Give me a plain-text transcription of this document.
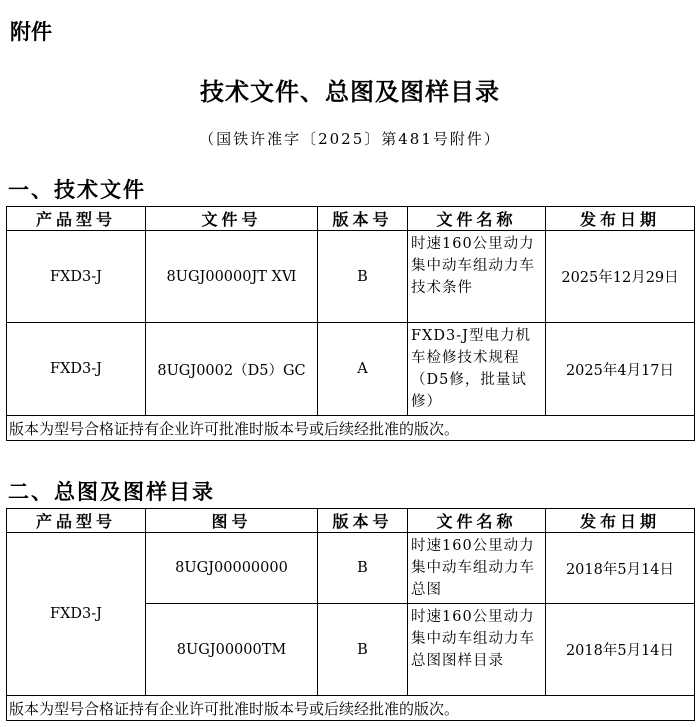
附件
技术文件、总图及图样目录
（国铁许准字〔2025〕第481号附件）
一、技术文件
产品型号	文件号	版本号	文件名称	发布日期
FXD3-J	8UGJ00000JT ⅩⅥ	B	时速160公里动力集中动车组动力车技术条件	2025年12月29日
FXD3-J	8UGJ0002（D5）GC	A	FXD3-J型电力机车检修技术规程（D5修，批量试修）	2025年4月17日
版本为型号合格证持有企业许可批准时版本号或后续经批准的版次。				
二、总图及图样目录
产品型号	图号	版本号	文件名称	发布日期
FXD3-J	8UGJ00000000	B	时速160公里动力集中动车组动力车总图	2018年5月14日
	8UGJ00000TM	B	时速160公里动力集中动车组动力车总图图样目录	2018年5月14日
版本为型号合格证持有企业许可批准时版本号或后续经批准的版次。				
